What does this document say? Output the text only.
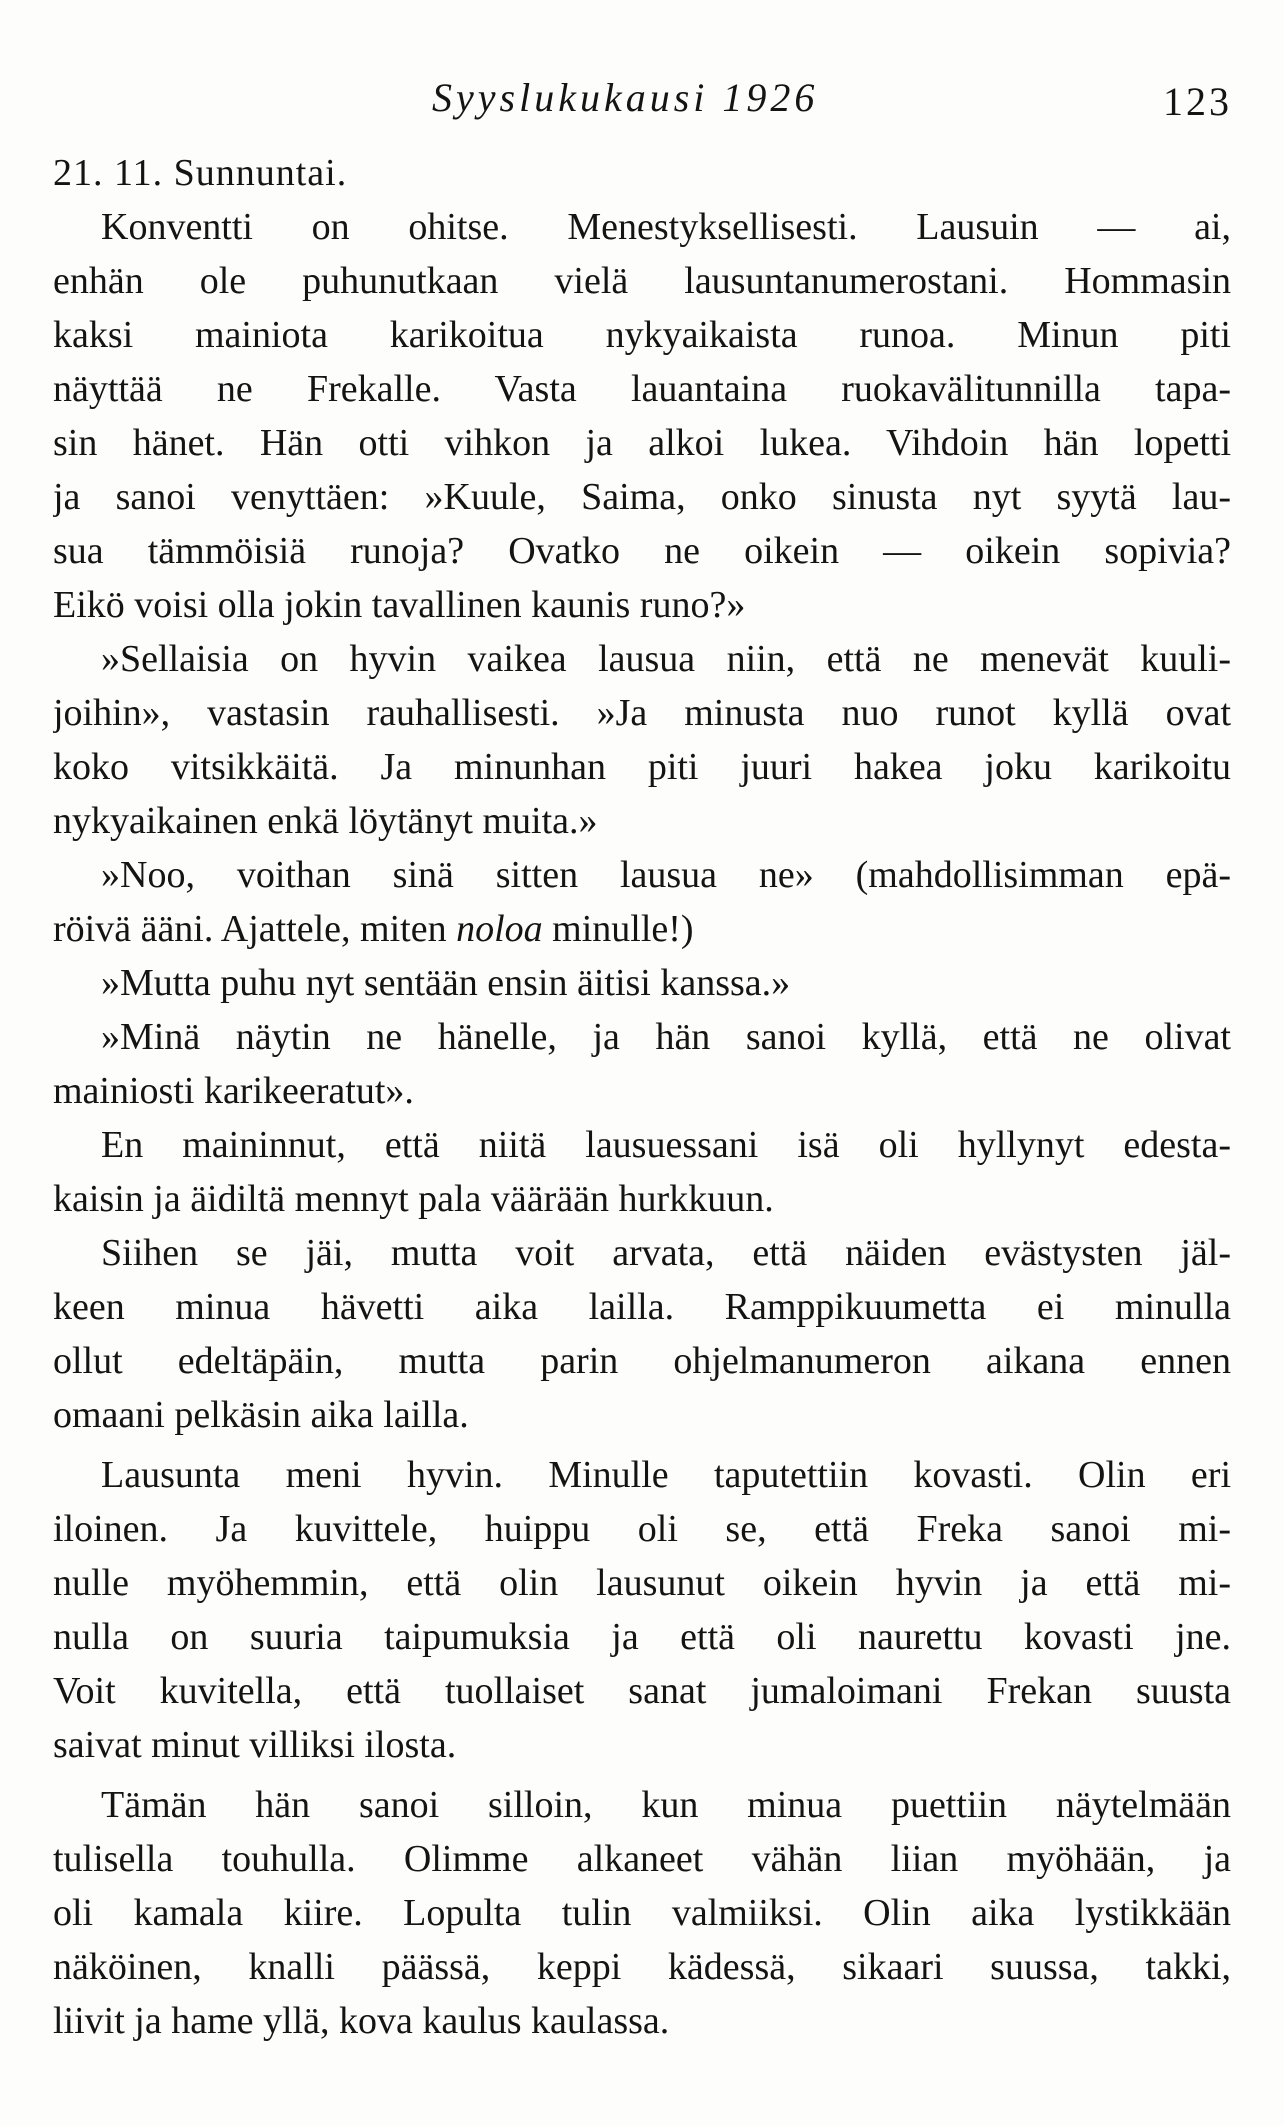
Syyslukukausi 1926	123
21. 11. Sunnuntai.
Konventti on ohitse. Menestyksellisesti. Lausuin — ai,
enhän ole puhunutkaan vielä lausuntanumerostani. Hommasin
kaksi mainiota karikoitua nykyaikaista runoa. Minun piti
näyttää ne Frekalle. Vasta lauantaina ruokavälitunnilla tapa-
sin hänet. Hän otti vihkon ja alkoi lukea. Vihdoin hän lopetti
ja sanoi venyttäen: »Kuule, Saima, onko sinusta nyt syytä lau-
sua tämmöisiä runoja? Ovatko ne oikein — oikein sopivia?
Eikö voisi olla jokin tavallinen kaunis runo?»
»Sellaisia on hyvin vaikea lausua niin, että ne menevät kuuli-
joihin», vastasin rauhallisesti. »Ja minusta nuo runot kyllä ovat
koko vitsikkäitä. Ja minunhan piti juuri hakea joku karikoitu
nykyaikainen enkä löytänyt muita.»
»Noo, voithan sinä sitten lausua ne» (mahdollisimman epä-
röivä ääni. Ajattele, miten noloa minulle!)
»Mutta puhu nyt sentään ensin äitisi kanssa.»
»Minä näytin ne hänelle, ja hän sanoi kyllä, että ne olivat
mainiosti karikeeratut».
En maininnut, että niitä lausuessani isä oli hyllynyt edesta-
kaisin ja äidiltä mennyt pala väärään hurkkuun.
Siihen se jäi, mutta voit arvata, että näiden evästysten jäl-
keen minua hävetti aika lailla. Ramppikuumetta ei minulla
ollut edeltäpäin, mutta parin ohjelmanumeron aikana ennen
omaani pelkäsin aika lailla.
Lausunta meni hyvin. Minulle taputettiin kovasti. Olin eri
iloinen. Ja kuvittele, huippu oli se, että Freka sanoi mi-
nulle myöhemmin, että olin lausunut oikein hyvin ja että mi-
nulla on suuria taipumuksia ja että oli naurettu kovasti jne.
Voit kuvitella, että tuollaiset sanat jumaloimani Frekan suusta
saivat minut villiksi ilosta.
Tämän hän sanoi silloin, kun minua puettiin näytelmään
tulisella touhulla. Olimme alkaneet vähän liian myöhään, ja
oli kamala kiire. Lopulta tulin valmiiksi. Olin aika lystikkään
näköinen, knalli päässä, keppi kädessä, sikaari suussa, takki,
liivit ja hame yllä, kova kaulus kaulassa.
